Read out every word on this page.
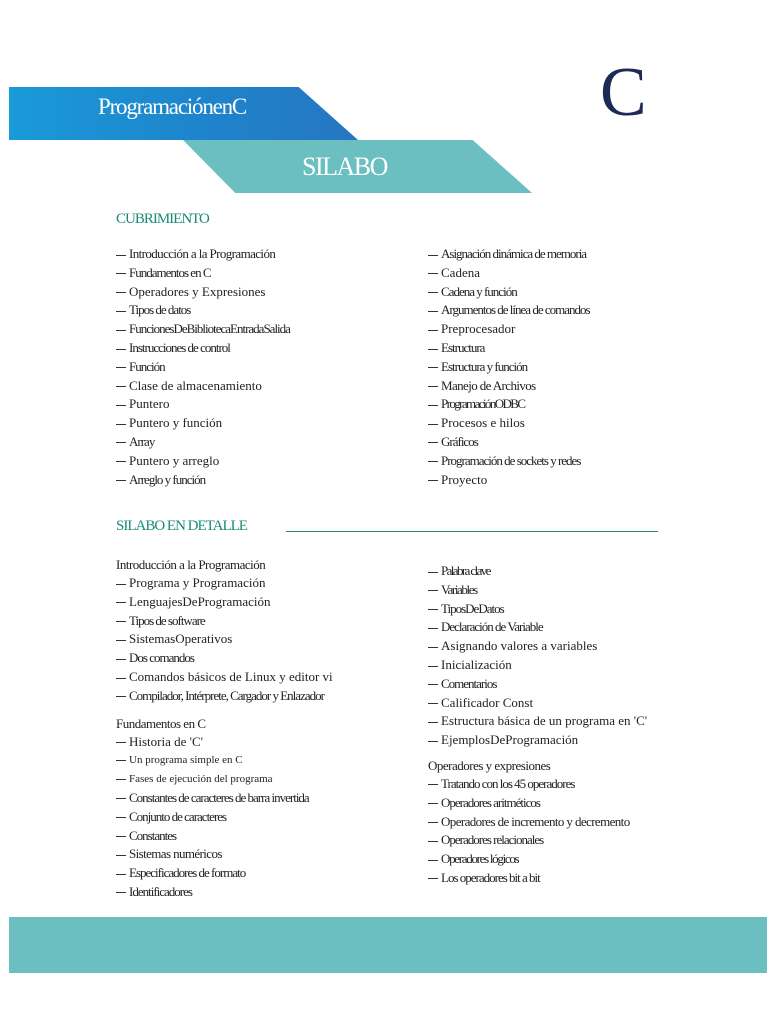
ProgramaciónenC
SILABO
C
CUBRIMIENTO
Introducción a la Programación
Fundamentos en C
Operadores y Expresiones
Tipos de datos
FuncionesDeBibliotecaEntradaSalida
Instrucciones de control
Función
Clase de almacenamiento
Puntero
Puntero y función
Array
Puntero y arreglo
Arreglo y función
Asignación dinámica de memoria
Cadena
Cadena y función
Argumentos de línea de comandos
Preprocesador
Estructura
Estructura y función
Manejo de Archivos
ProgramaciónODBC
Procesos e hilos
Gráficos
Programación de sockets y redes
Proyecto
SILABO EN DETALLE
Introducción a la Programación
Programa y Programación
LenguajesDeProgramación
Tipos de software
SistemasOperativos
Dos comandos
Comandos básicos de Linux y editor vi
Compilador, Intérprete, Cargador y Enlazador
Fundamentos en C
Historia de 'C'
Un programa simple en C
Fases de ejecución del programa
Constantes de caracteres de barra invertida
Conjunto de caracteres
Constantes
Sistemas numéricos
Especificadores de formato
Identificadores
Palabra clave
Variables
TiposDeDatos
Declaración de Variable
Asignando valores a variables
Inicialización
Comentarios
Calificador Const
Estructura básica de un programa en 'C'
EjemplosDeProgramación
Operadores y expresiones
Tratando con los 45 operadores
Operadores aritméticos
Operadores de incremento y decremento
Operadores relacionales
Operadores lógicos
Los operadores bit a bit
